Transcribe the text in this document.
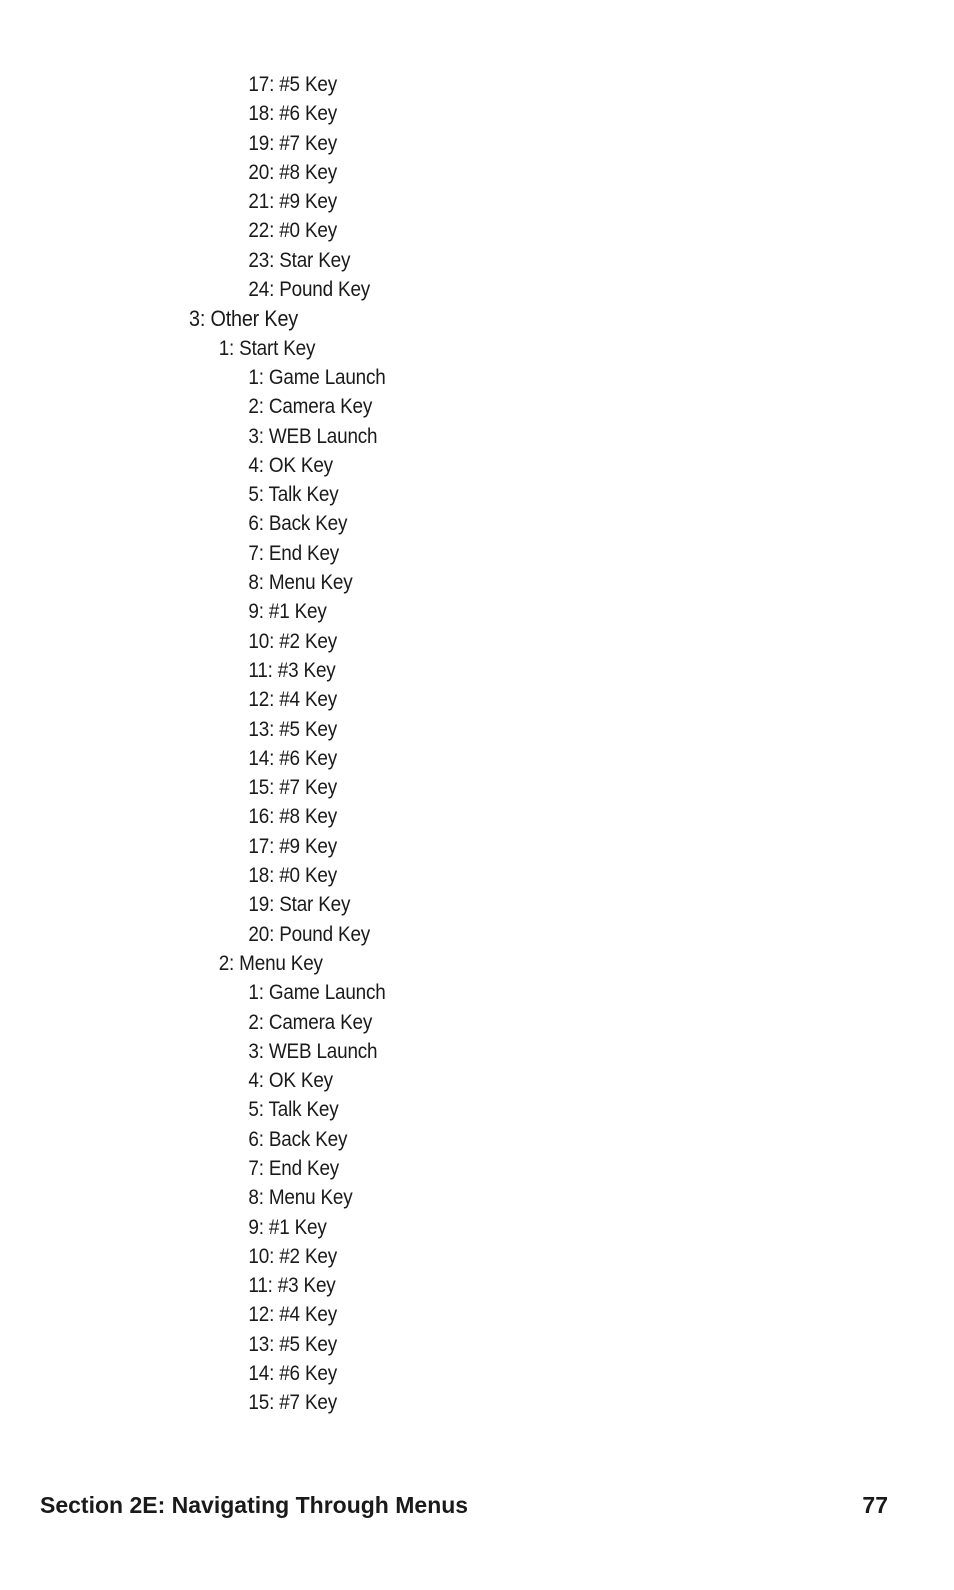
17: #5 Key
18: #6 Key
19: #7 Key
20: #8 Key
21: #9 Key
22: #0 Key
23: Star Key
24: Pound Key
3: Other Key
1: Start Key
1: Game Launch
2: Camera Key
3: WEB Launch
4: OK Key
5: Talk Key
6: Back Key
7: End Key
8: Menu Key
9: #1 Key
10: #2 Key
11: #3 Key
12: #4 Key
13: #5 Key
14: #6 Key
15: #7 Key
16: #8 Key
17: #9 Key
18: #0 Key
19: Star Key
20: Pound Key
2: Menu Key
1: Game Launch
2: Camera Key
3: WEB Launch
4: OK Key
5: Talk Key
6: Back Key
7: End Key
8: Menu Key
9: #1 Key
10: #2 Key
11: #3 Key
12: #4 Key
13: #5 Key
14: #6 Key
15: #7 Key
Section 2E: Navigating Through Menus	77
